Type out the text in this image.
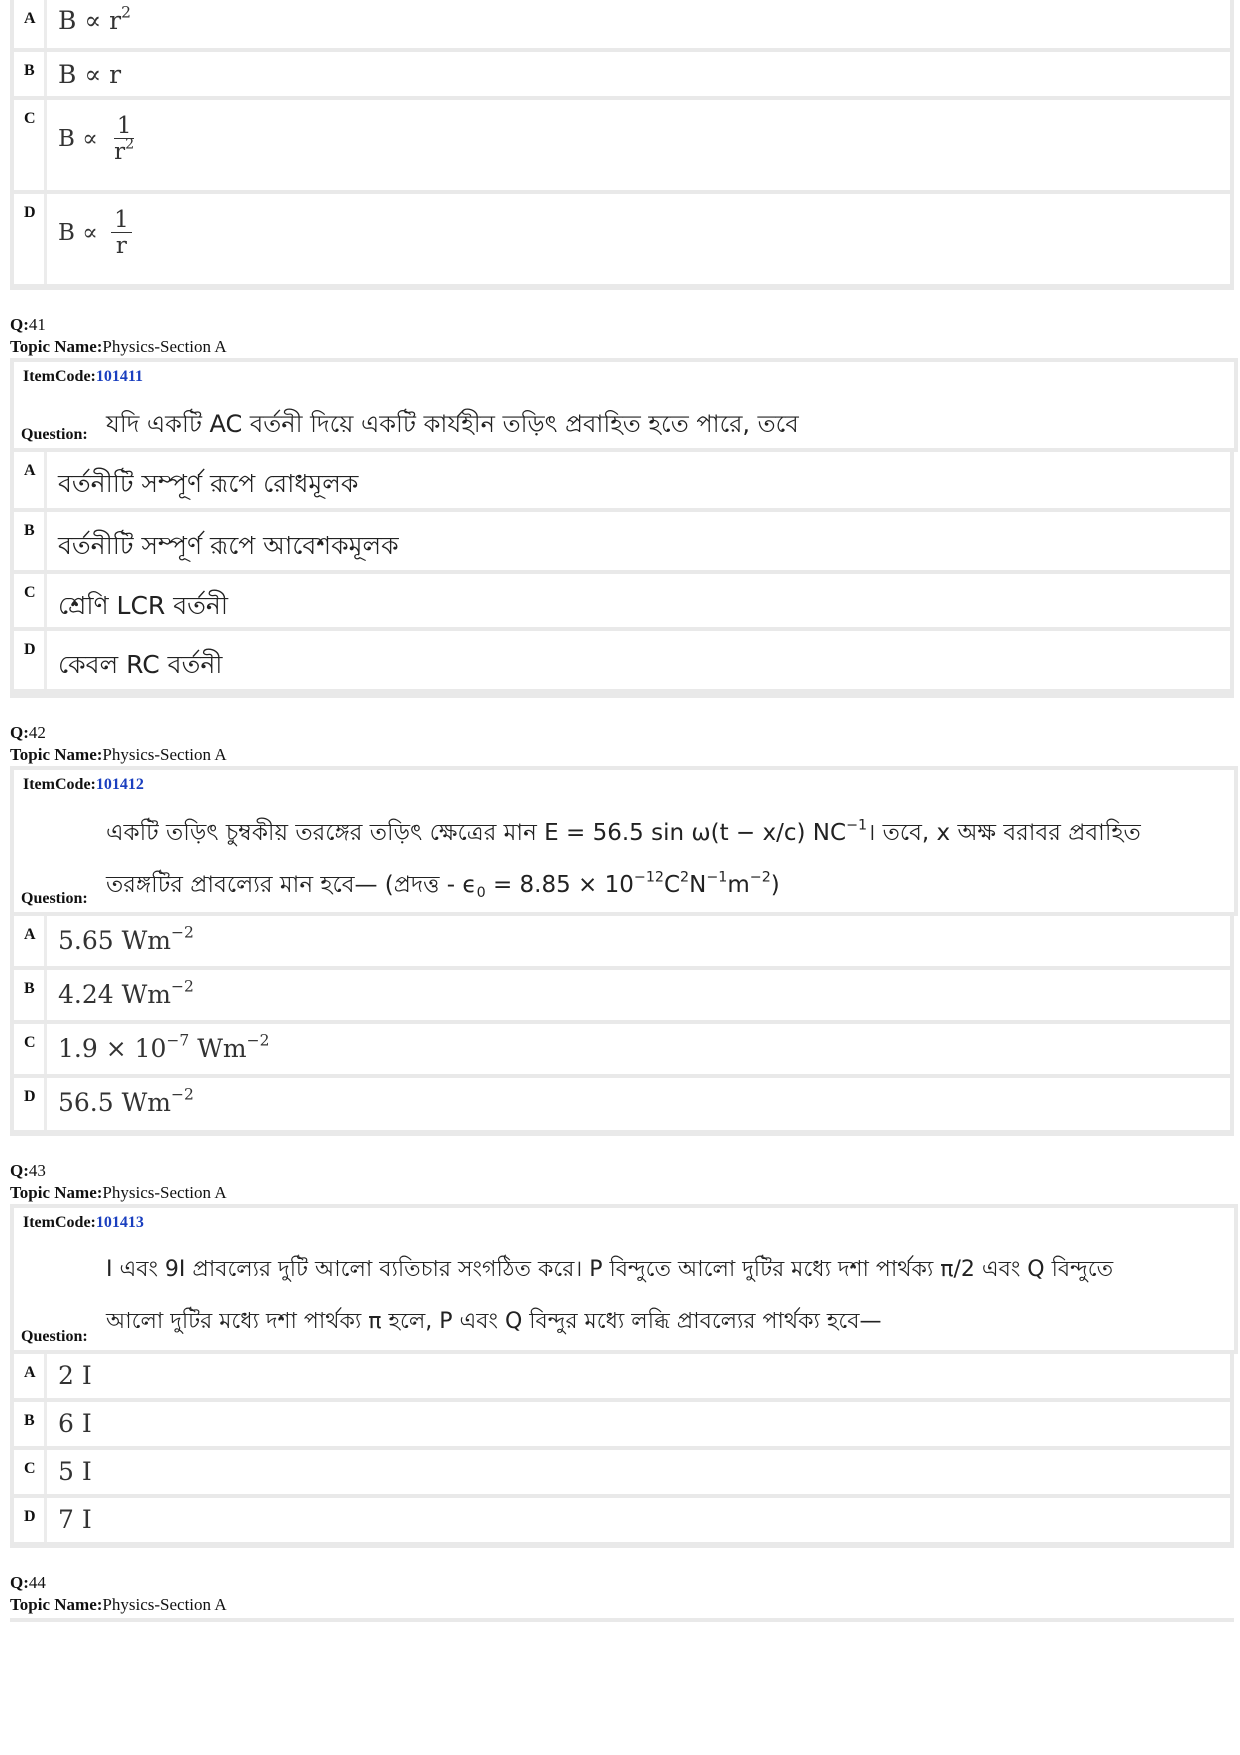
A $B \propto r^2$
B B ∝ r
C
$B \propto \frac{1}{r^2}$
D
$B \propto \frac{1}{r}$
Q:41
Topic Name:Physics-Section A
ItemCode:101411
Question: যদি একটি AC বর্তনী দিয়ে একটি কার্যহীন তড়িৎ প্রবাহিত হতে পারে, তবে
A বর্তনীটি সম্পূর্ণ রূপে রোধমূলক
B
বর্তনীটি সম্পূর্ণ রূপে আবেশকমূলক
C শ্রেণি LCR বর্তনী
D
কেবল RC বর্তনী
Q:42
Topic Name:Physics-Section A
ItemCode:101412
একটি তড়িৎ চুম্বকীয় তরঙ্গের তড়িৎ ক্ষেত্রের মান E = 56.5 sin ω(t − x/c) $NC^{-1}।$ তবে, x অক্ষ বরাবর প্রবাহিত
তরঙ্গটির প্রাবল্যের মান হবে— (প্রদত্ত - $\epsilon_0 = 8.85 \times 10^{-12}C^2N^{-1}m^{-2}$)
Question:
A 5.65 $Wm^{-2}$
B 4.24 $Wm^{-2}$
C $1.9 \times 10^{-7}$ $Wm^{-2}$
D 56.5 $Wm^{-2}$
Q:43
Topic Name:Physics-Section A
ItemCode:101413
I এবং 9I প্রাবল্যের দুটি আলো ব্যতিচার সংগঠিত করে। P বিন্দুতে আলো দুটির মধ্যে দশা পার্থক্য π/2 এবং Q বিন্দুতে
আলো দুটির মধ্যে দশা পার্থক্য π হলে, P এবং Q বিন্দুর মধ্যে লব্ধি প্রাবল্যের পার্থক্য হবে—
Question:
A 2 I
B 6 I
C 5 I
D 7 I
Q:44
Topic Name:Physics-Section A
